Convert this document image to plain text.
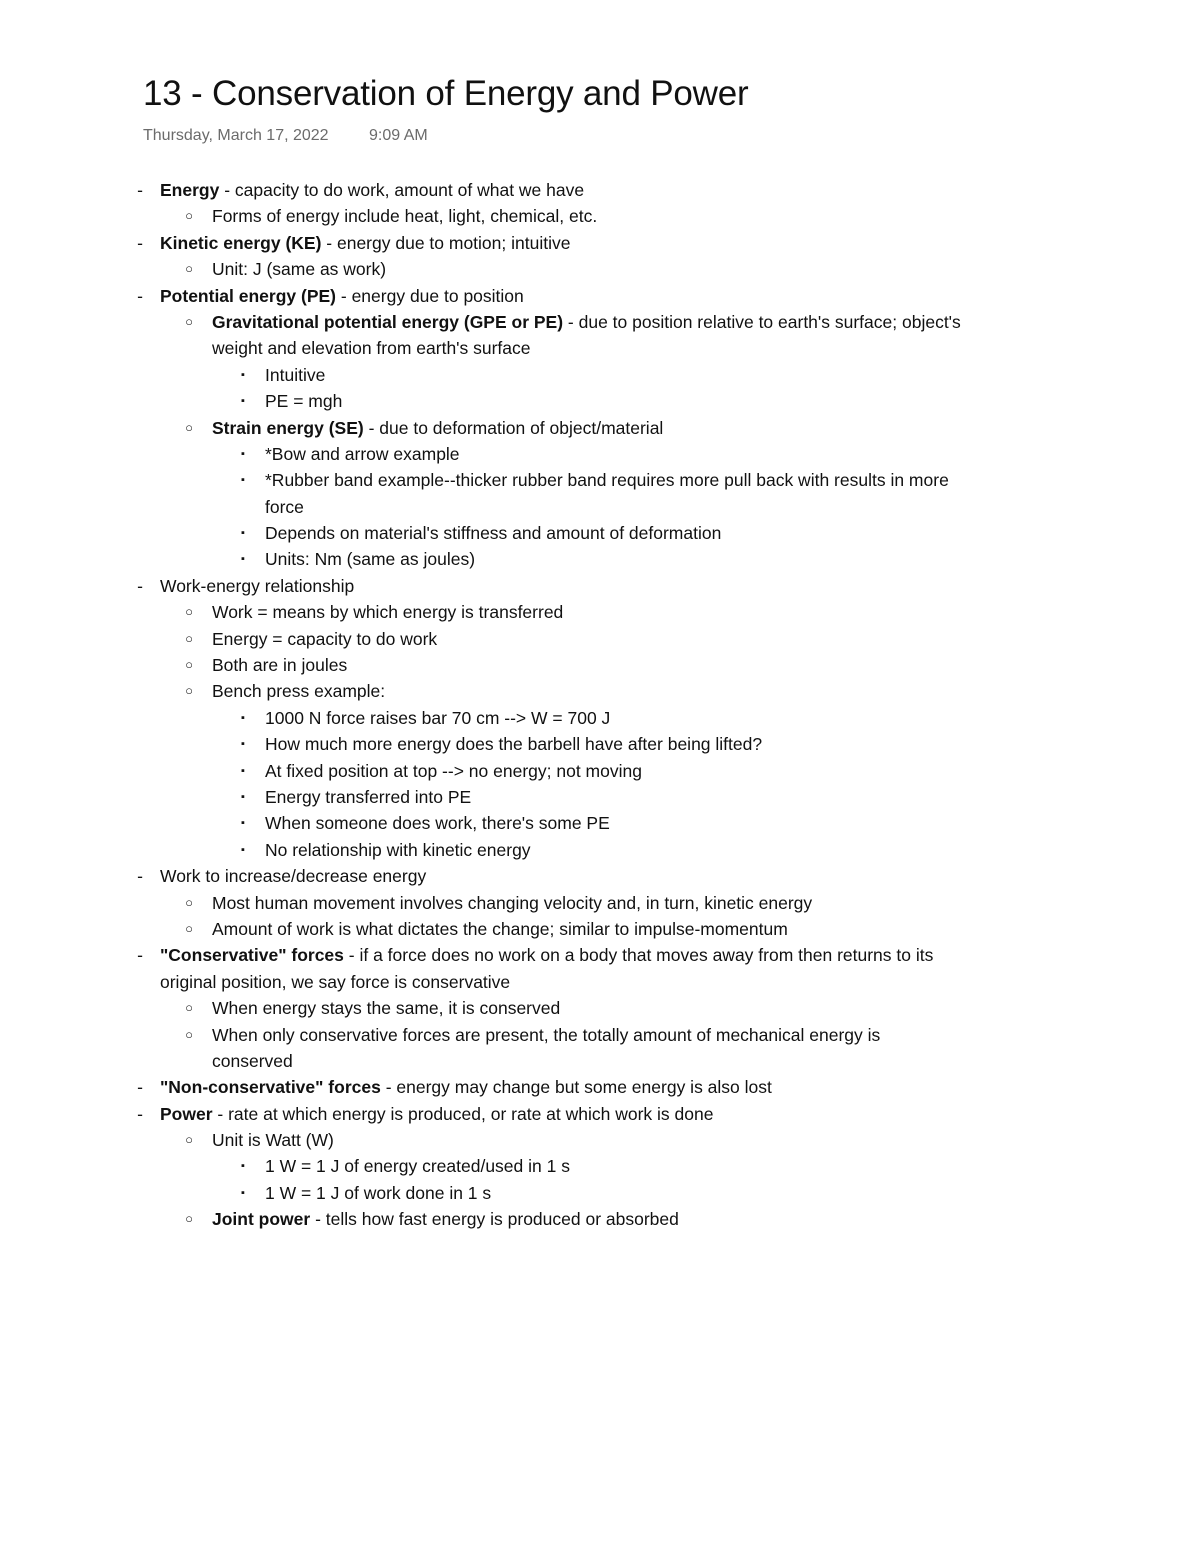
13 - Conservation of Energy and Power
Thursday, March 17, 2022	9:09 AM
- Energy - capacity to do work, amount of what we have
○ Forms of energy include heat, light, chemical, etc.
- Kinetic energy (KE) - energy due to motion; intuitive
○ Unit: J (same as work)
- Potential energy (PE) - energy due to position
○ Gravitational potential energy (GPE or PE) - due to position relative to earth's surface; object's
weight and elevation from earth's surface
▪	Intuitive
▪	PE = mgh
○ Strain energy (SE) - due to deformation of object/material
▪	*Bow and arrow example
▪	*Rubber band example--thicker rubber band requires more pull back with results in more
force
▪	Depends on material's stiffness and amount of deformation
▪	Units: Nm (same as joules)
- Work-energy relationship
○ Work = means by which energy is transferred
○ Energy = capacity to do work
○ Both are in joules
○ Bench press example:
▪	1000 N force raises bar 70 cm --> W = 700 J
▪	How much more energy does the barbell have after being lifted?
▪	At fixed position at top --> no energy; not moving
▪	Energy transferred into PE
▪	When someone does work, there's some PE
▪	No relationship with kinetic energy
- Work to increase/decrease energy
○ Most human movement involves changing velocity and, in turn, kinetic energy
○ Amount of work is what dictates the change; similar to impulse-momentum
- "Conservative" forces - if a force does no work on a body that moves away from then returns to its
original position, we say force is conservative
○ When energy stays the same, it is conserved
○ When only conservative forces are present, the totally amount of mechanical energy is
conserved
- "Non-conservative" forces - energy may change but some energy is also lost
- Power - rate at which energy is produced, or rate at which work is done
○ Unit is Watt (W)
▪	1 W = 1 J of energy created/used in 1 s
▪	1 W = 1 J of work done in 1 s
○ Joint power - tells how fast energy is produced or absorbed
